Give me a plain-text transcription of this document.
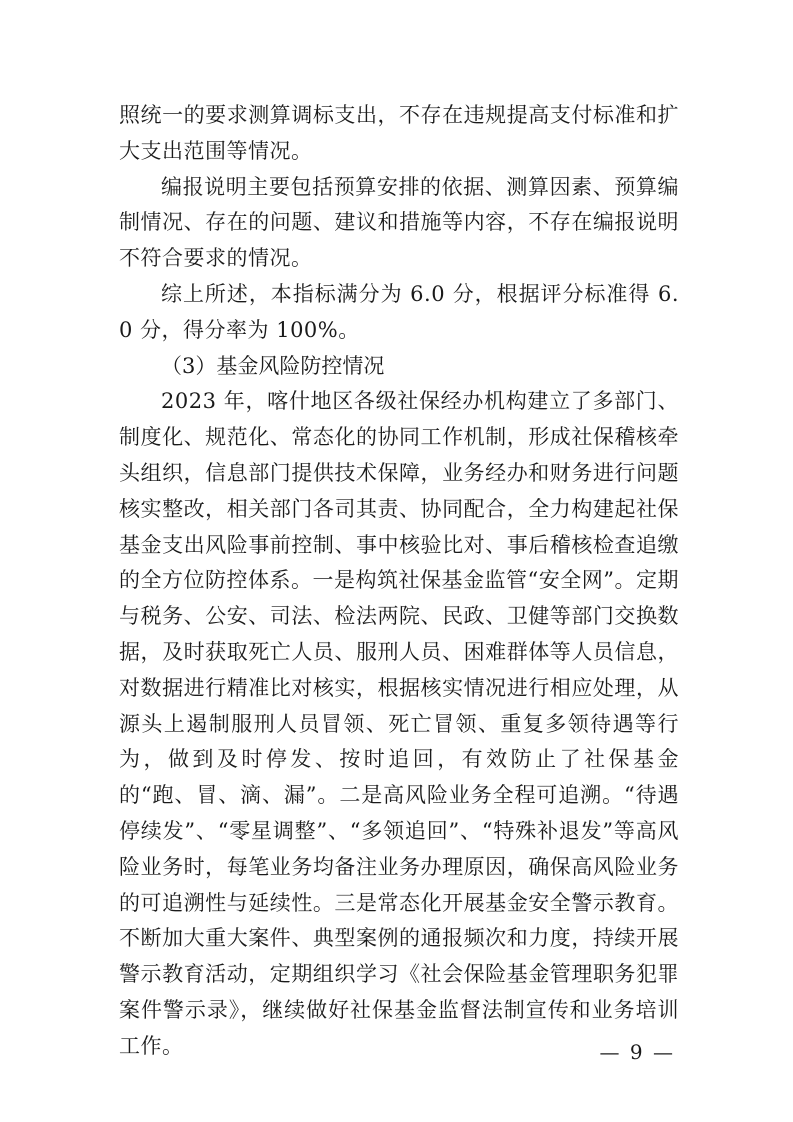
照统一的要求测算调标支出，不存在违规提高支付标准和扩大支出范围等情况。

编报说明主要包括预算安排的依据、测算因素、预算编制情况、存在的问题、建议和措施等内容，不存在编报说明不符合要求的情况。

综上所述，本指标满分为 6.0 分，根据评分标准得 6.0 分，得分率为 100%。

（3）基金风险防控情况

2023 年，喀什地区各级社保经办机构建立了多部门、制度化、规范化、常态化的协同工作机制，形成社保稽核牵头组织，信息部门提供技术保障，业务经办和财务进行问题核实整改，相关部门各司其责、协同配合，全力构建起社保基金支出风险事前控制、事中核验比对、事后稽核检查追缴的全方位防控体系。一是构筑社保基金监管“安全网”。定期与税务、公安、司法、检法两院、民政、卫健等部门交换数据，及时获取死亡人员、服刑人员、困难群体等人员信息，对数据进行精准比对核实，根据核实情况进行相应处理，从源头上遏制服刑人员冒领、死亡冒领、重复多领待遇等行为，做到及时停发、按时追回，有效防止了社保基金的“跑、冒、滴、漏”。二是高风险业务全程可追溯。“待遇停续发”、“零星调整”、“多领追回”、“特殊补退发”等高风险业务时，每笔业务均备注业务办理原因，确保高风险业务的可追溯性与延续性。三是常态化开展基金安全警示教育。不断加大重大案件、典型案例的通报频次和力度，持续开展警示教育活动，定期组织学习《社会保险基金管理职务犯罪案件警示录》，继续做好社保基金监督法制宣传和业务培训工作。	— 9 —
